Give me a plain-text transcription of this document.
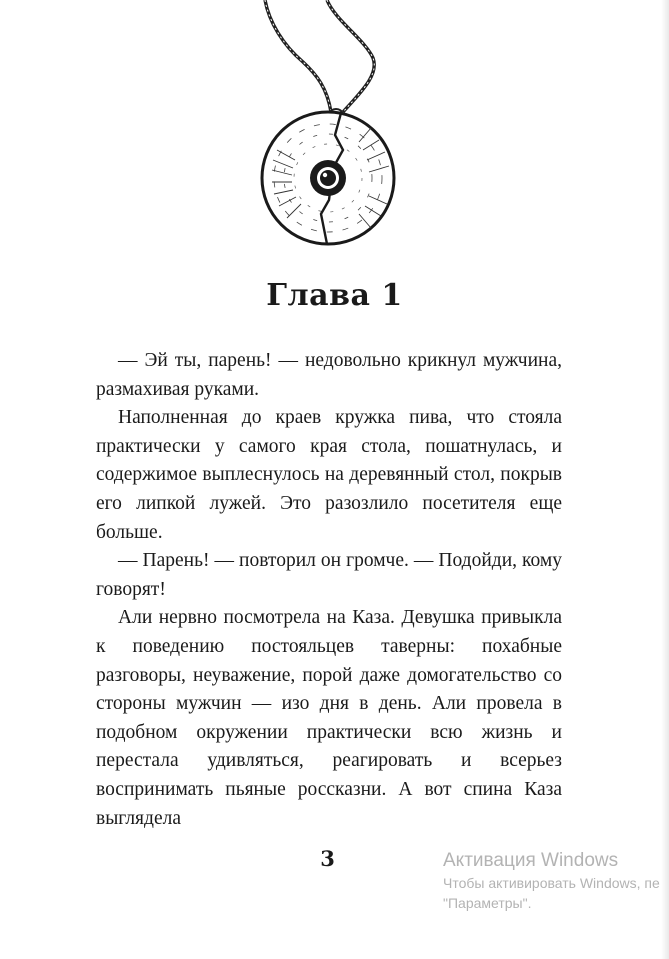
Глава 1

— Эй ты, парень! — недовольно крикнул мужчина, размахивая руками.

Наполненная до краев кружка пива, что стояла практически у самого края стола, пошатнулась, и содержимое выплеснулось на деревянный стол, покрыв его липкой лужей. Это разозлило посетителя еще больше.

— Парень! — повторил он громче. — Подойди, кому говорят!

Али нервно посмотрела на Каза. Девушка привыкла к поведению постояльцев таверны: похабные разговоры, неуважение, порой даже домогательство со стороны мужчин — изо дня в день. Али провела в подобном окружении практически всю жизнь и перестала удивляться, реагировать и всерьез воспринимать пьяные россказни. А вот спина Каза выглядела

3	Активация Windows
Чтобы активировать Windows, пе
"Параметры".
